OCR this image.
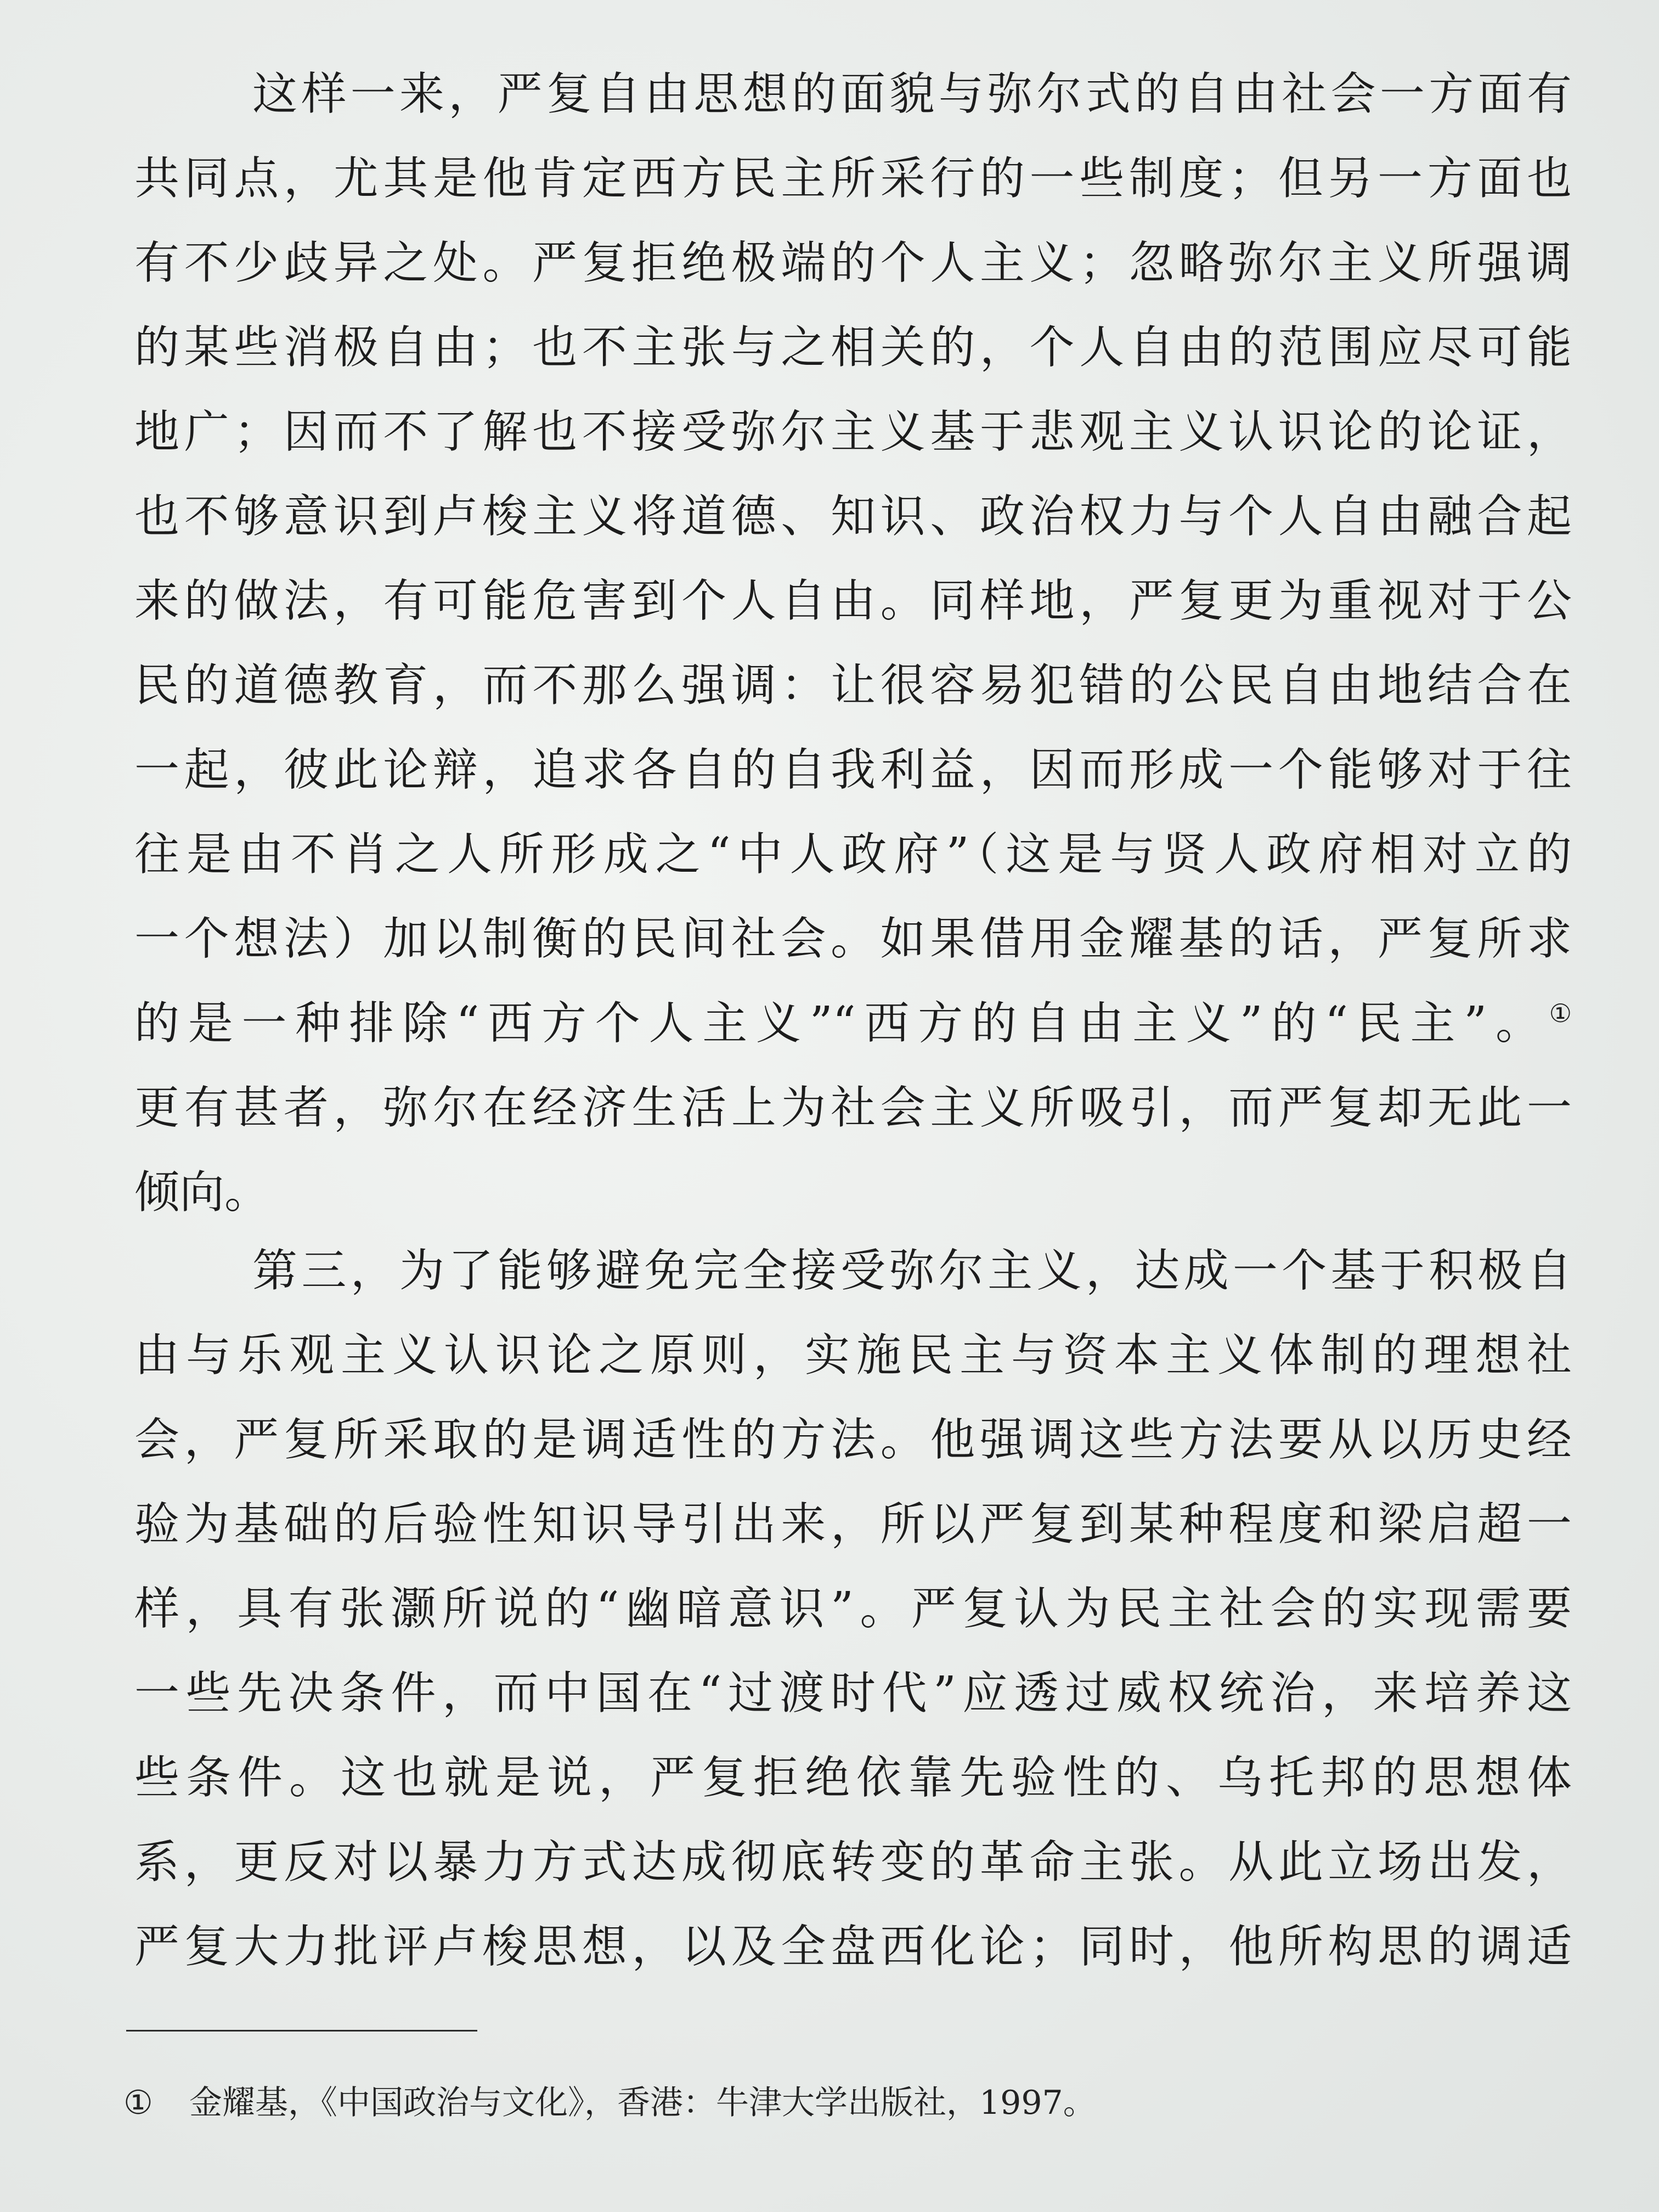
这样一来，严复自由思想的面貌与弥尔式的自由社会一方面有
共同点，尤其是他肯定西方民主所采行的一些制度；但另一方面也
有不少歧异之处。严复拒绝极端的个人主义；忽略弥尔主义所强调
的某些消极自由；也不主张与之相关的，个人自由的范围应尽可能
地广；因而不了解也不接受弥尔主义基于悲观主义认识论的论证，
也不够意识到卢梭主义将道德、知识、政治权力与个人自由融合起
来的做法，有可能危害到个人自由。同样地，严复更为重视对于公
民的道德教育，而不那么强调：让很容易犯错的公民自由地结合在
一起，彼此论辩，追求各自的自我利益，因而形成一个能够对于往
往是由不肖之人所形成之“中人政府”（这是与贤人政府相对立的
一个想法）加以制衡的民间社会。如果借用金耀基的话，严复所求
的是一种排除“西方个人主义”“西方的自由主义”的“民主”。①
更有甚者，弥尔在经济生活上为社会主义所吸引，而严复却无此一
倾向。
第三，为了能够避免完全接受弥尔主义，达成一个基于积极自
由与乐观主义认识论之原则，实施民主与资本主义体制的理想社
会，严复所采取的是调适性的方法。他强调这些方法要从以历史经
验为基础的后验性知识导引出来，所以严复到某种程度和梁启超一
样，具有张灏所说的“幽暗意识”。严复认为民主社会的实现需要
一些先决条件，而中国在“过渡时代”应透过威权统治，来培养这
些条件。这也就是说，严复拒绝依靠先验性的、乌托邦的思想体
系，更反对以暴力方式达成彻底转变的革命主张。从此立场出发，
严复大力批评卢梭思想，以及全盘西化论；同时，他所构思的调适
① 金耀基，《中国政治与文化》，香港：牛津大学出版社，1997。
